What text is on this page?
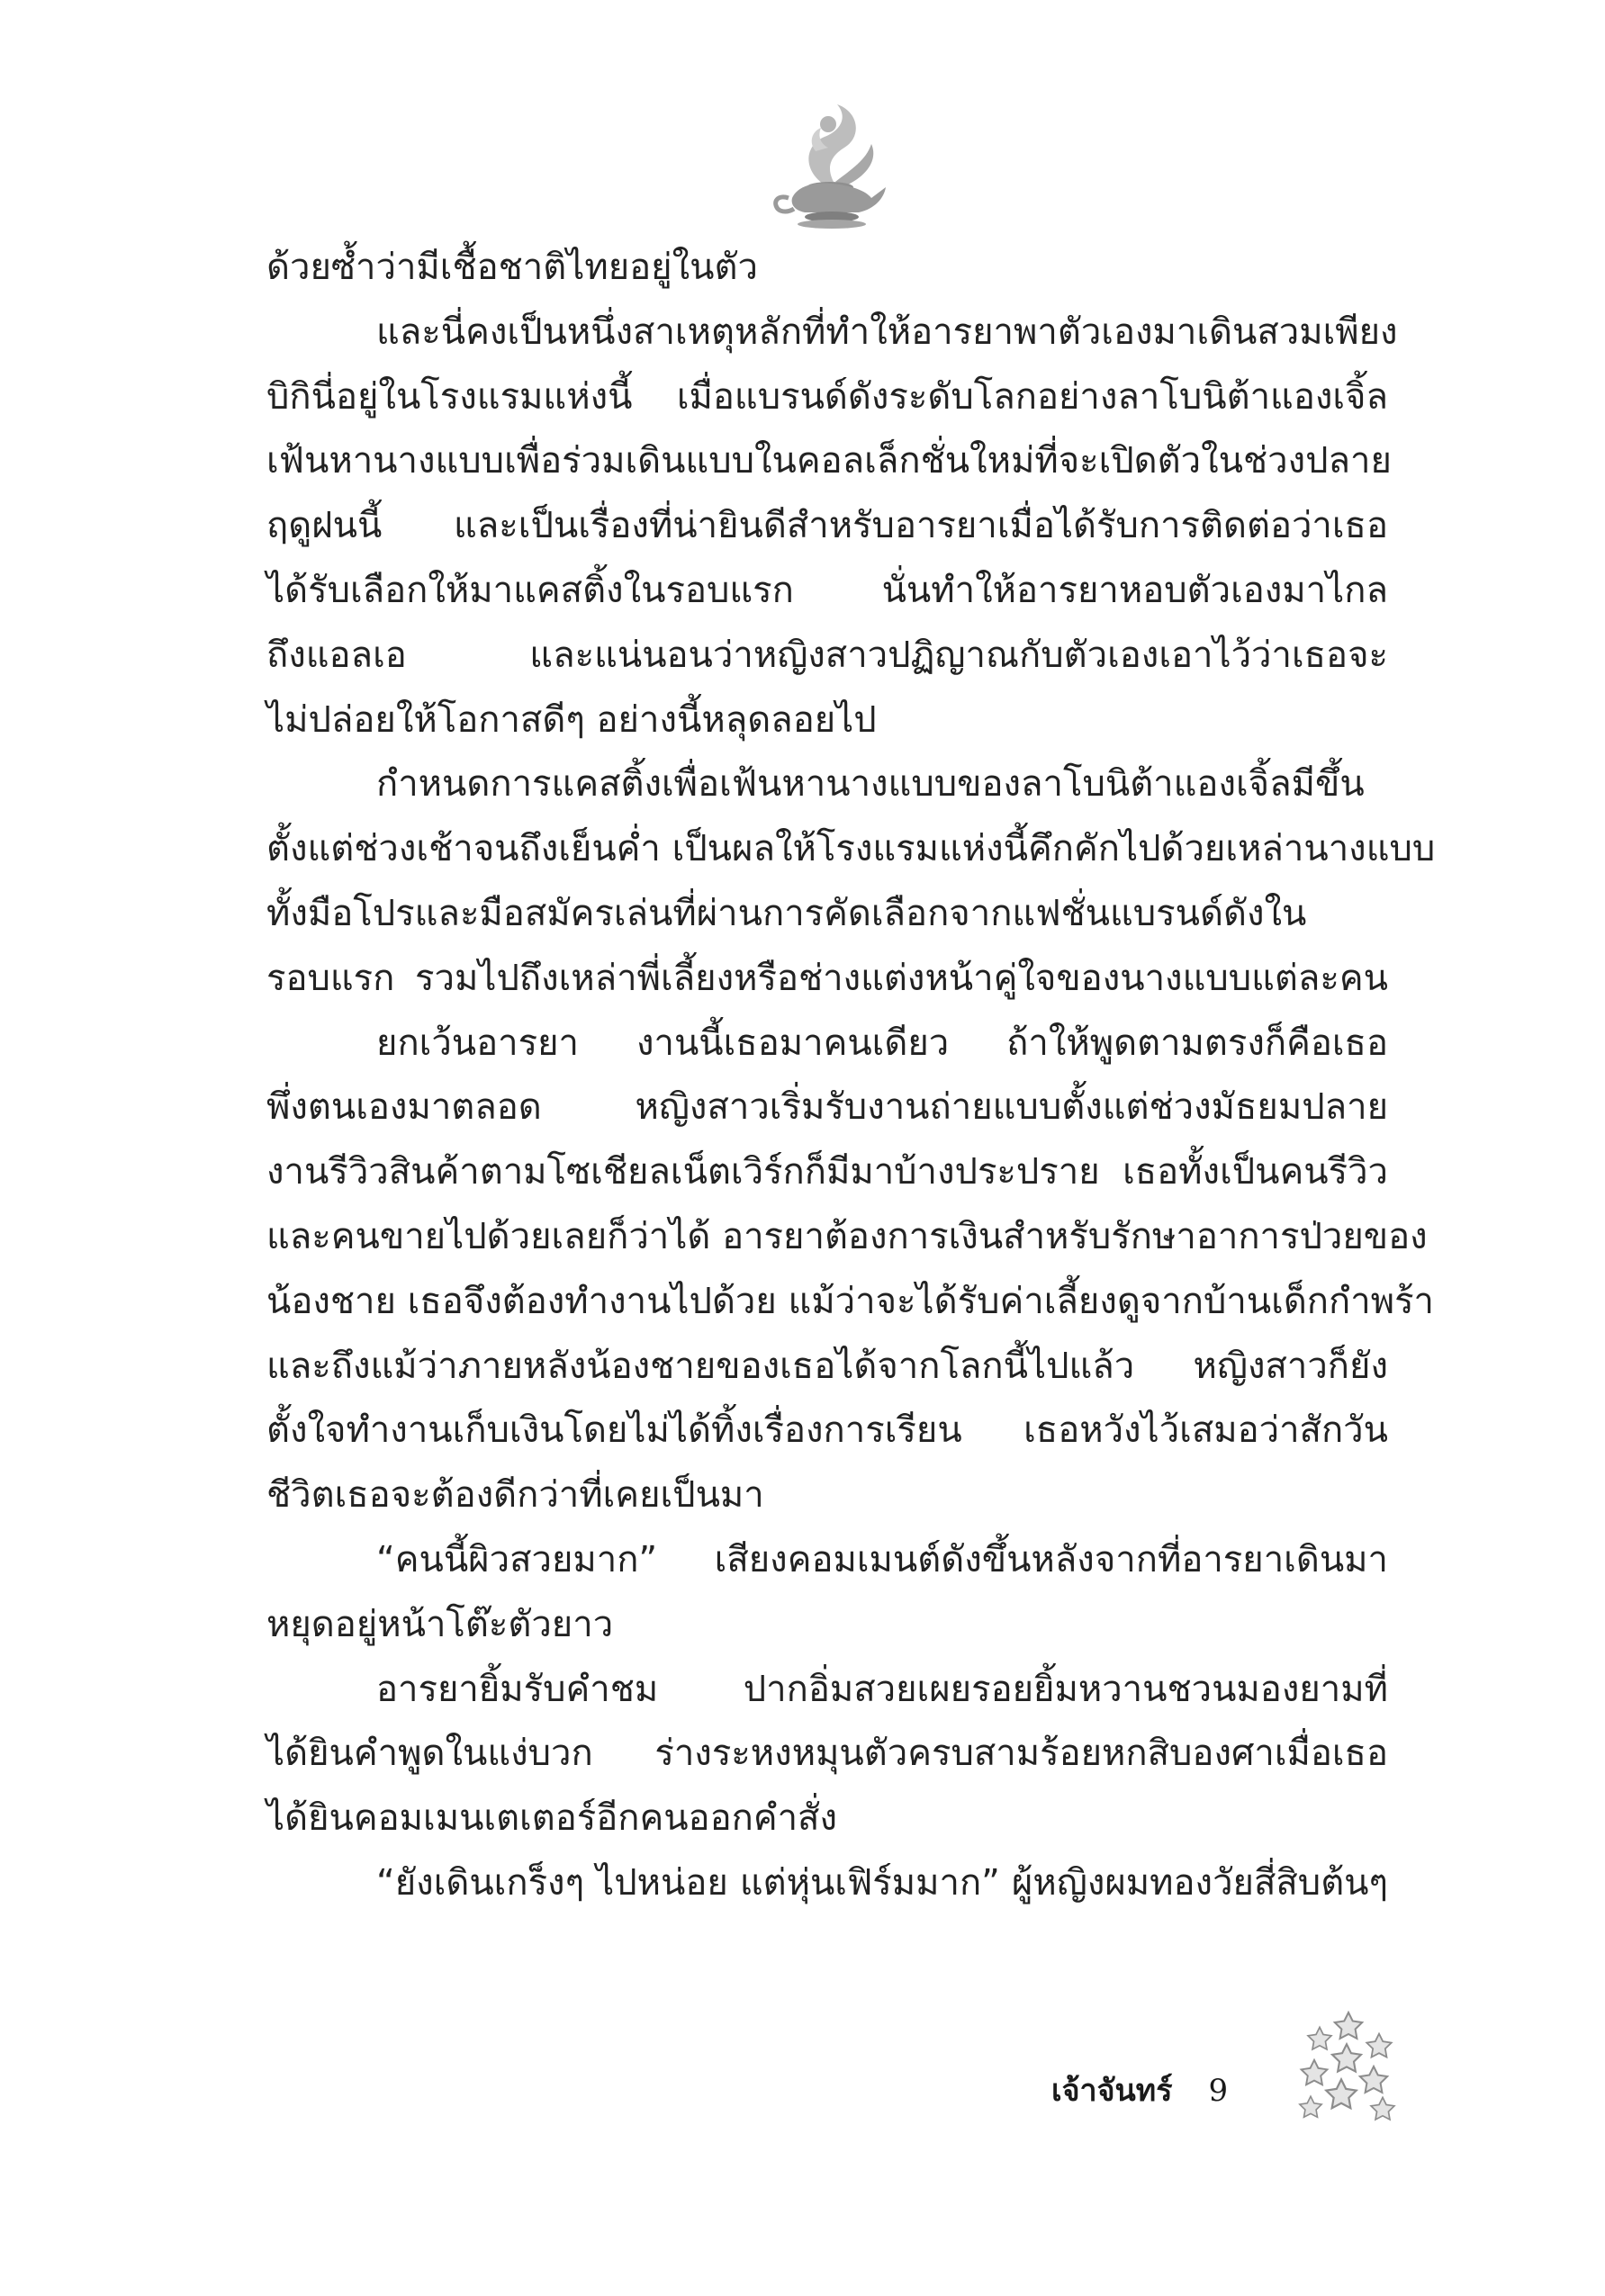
ด้วยซ้ำว่ามีเชื้อชาติไทยอยู่ในตัว
และนี่คงเป็นหนึ่งสาเหตุหลักที่ทำให้อารยาพาตัวเองมาเดินสวมเพียง
บิกินี่อยู่ในโรงแรมแห่งนี้ เมื่อแบรนด์ดังระดับโลกอย่างลาโบนิต้าแองเจิ้ล
เฟ้นหานางแบบเพื่อร่วมเดินแบบในคอลเล็กชั่นใหม่ที่จะเปิดตัวในช่วงปลาย
ฤดูฝนนี้ และเป็นเรื่องที่น่ายินดีสำหรับอารยาเมื่อได้รับการติดต่อว่าเธอ
ได้รับเลือกให้มาแคสติ้งในรอบแรก นั่นทำให้อารยาหอบตัวเองมาไกล
ถึงแอลเอ และแน่นอนว่าหญิงสาวปฏิญาณกับตัวเองเอาไว้ว่าเธอจะ
ไม่ปล่อยให้โอกาสดีๆ อย่างนี้หลุดลอยไป
กำหนดการแคสติ้งเพื่อเฟ้นหานางแบบของลาโบนิต้าแองเจิ้ลมีขึ้น
ตั้งแต่ช่วงเช้าจนถึงเย็นค่ำ เป็นผลให้โรงแรมแห่งนี้คึกคักไปด้วยเหล่านางแบบ
ทั้งมือโปรและมือสมัครเล่นที่ผ่านการคัดเลือกจากแฟชั่นแบรนด์ดังใน
รอบแรก รวมไปถึงเหล่าพี่เลี้ยงหรือช่างแต่งหน้าคู่ใจของนางแบบแต่ละคน
ยกเว้นอารยา งานนี้เธอมาคนเดียว ถ้าให้พูดตามตรงก็คือเธอ
พึ่งตนเองมาตลอด หญิงสาวเริ่มรับงานถ่ายแบบตั้งแต่ช่วงมัธยมปลาย
งานรีวิวสินค้าตามโซเชียลเน็ตเวิร์กก็มีมาบ้างประปราย เธอทั้งเป็นคนรีวิว
และคนขายไปด้วยเลยก็ว่าได้ อารยาต้องการเงินสำหรับรักษาอาการป่วยของ
น้องชาย เธอจึงต้องทำงานไปด้วย แม้ว่าจะได้รับค่าเลี้ยงดูจากบ้านเด็กกำพร้า
และถึงแม้ว่าภายหลังน้องชายของเธอได้จากโลกนี้ไปแล้ว หญิงสาวก็ยัง
ตั้งใจทำงานเก็บเงินโดยไม่ได้ทิ้งเรื่องการเรียน เธอหวังไว้เสมอว่าสักวัน
ชีวิตเธอจะต้องดีกว่าที่เคยเป็นมา
“คนนี้ผิวสวยมาก” เสียงคอมเมนต์ดังขึ้นหลังจากที่อารยาเดินมา
หยุดอยู่หน้าโต๊ะตัวยาว
อารยายิ้มรับคำชม ปากอิ่มสวยเผยรอยยิ้มหวานชวนมองยามที่
ได้ยินคำพูดในแง่บวก ร่างระหงหมุนตัวครบสามร้อยหกสิบองศาเมื่อเธอ
ได้ยินคอมเมนเตเตอร์อีกคนออกคำสั่ง
“ยังเดินเกร็งๆ ไปหน่อย แต่หุ่นเฟิร์มมาก” ผู้หญิงผมทองวัยสี่สิบต้นๆ
เจ้าจันทร์ 9
